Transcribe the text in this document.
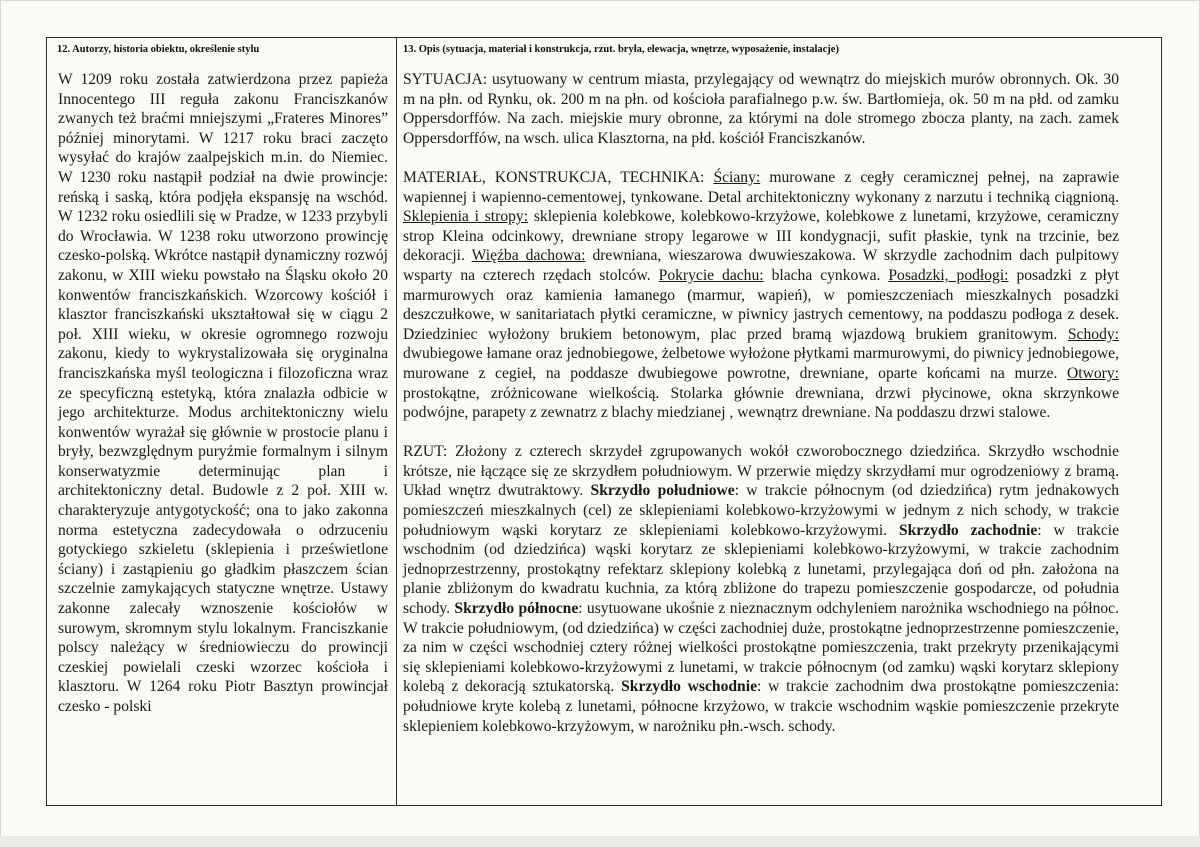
12. Autorzy, historia obiektu, określenie stylu	13. Opis (sytuacja, materiał i konstrukcja, rzut. bryła, elewacja, wnętrze, wyposażenie, instalacje)

W 1209 roku została zatwierdzona przez papieża Innocentego III reguła zakonu Franciszkanów zwanych też braćmi mniejszymi „Frateres Minores” później minorytami. W 1217 roku braci zaczęto wysyłać do krajów zaalpejskich m.in. do Niemiec. W 1230 roku nastąpił podział na dwie prowincje: reńską i saską, która podjęła ekspansję na wschód. W 1232 roku osiedlili się w Pradze, w 1233 przybyli do Wrocławia. W 1238 roku utworzono prowincję czesko-polską. Wkrótce nastąpił dynamiczny rozwój zakonu, w XIII wieku powstało na Śląsku około 20 konwentów franciszkańskich. Wzorcowy kościół i klasztor franciszkański ukształtował się w ciągu 2 poł. XIII wieku, w okresie ogromnego rozwoju zakonu, kiedy to wykrystalizowała się oryginalna franciszkańska myśl teologiczna i filozoficzna wraz ze specyficzną estetyką, która znalazła odbicie w jego architekturze. Modus architektoniczny wielu konwentów wyrażał się głównie w prostocie planu i bryły, bezwzględnym puryźmie formalnym i silnym konserwatyzmie determinując plan i architektoniczny detal. Budowle z 2 poł. XIII w. charakteryzuje antygotyckość; ona to jako zakonna norma estetyczna zadecydowała o odrzuceniu gotyckiego szkieletu (sklepienia i prześwietlone ściany) i zastąpieniu go gładkim płaszczem ścian szczelnie zamykających statyczne wnętrze. Ustawy zakonne zalecały wznoszenie kościołów w surowym, skromnym stylu lokalnym. Franciszkanie polscy należący w średniowieczu do prowincji czeskiej powielali czeski wzorzec kościoła i klasztoru. W 1264 roku Piotr Basztyn prowincjał czesko - polski

SYTUACJA: usytuowany w centrum miasta, przylegający od wewnątrz do miejskich murów obronnych. Ok. 30 m na płn. od Rynku, ok. 200 m na płn. od kościoła parafialnego p.w. św. Bartłomieja, ok. 50 m na płd. od zamku Oppersdorffów. Na zach. miejskie mury obronne, za którymi na dole stromego zbocza planty, na zach. zamek Oppersdorffów, na wsch. ulica Klasztorna, na płd. kościół Franciszkanów.

MATERIAŁ, KONSTRUKCJA, TECHNIKA: Ściany: murowane z cegły ceramicznej pełnej, na zaprawie wapiennej i wapienno-cementowej, tynkowane. Detal architektoniczny wykonany z narzutu i techniką ciągnioną. Sklepienia i stropy: sklepienia kolebkowe, kolebkowo-krzyżowe, kolebkowe z lunetami, krzyżowe, ceramiczny strop Kleina odcinkowy, drewniane stropy legarowe w III kondygnacji, sufit płaskie, tynk na trzcinie, bez dekoracji. Więźba dachowa: drewniana, wieszarowa dwuwieszakowa. W skrzydle zachodnim dach pulpitowy wsparty na czterech rzędach stolców. Pokrycie dachu: blacha cynkowa. Posadzki, podłogi: posadzki z płyt marmurowych oraz kamienia łamanego (marmur, wapień), w pomieszczeniach mieszkalnych posadzki deszczułkowe, w sanitariatach płytki ceramiczne, w piwnicy jastrych cementowy, na poddaszu podłoga z desek. Dziedziniec wyłożony brukiem betonowym, plac przed bramą wjazdową brukiem granitowym. Schody: dwubiegowe łamane oraz jednobiegowe, żelbetowe wyłożone płytkami marmurowymi, do piwnicy jednobiegowe, murowane z cegieł, na poddasze dwubiegowe powrotne, drewniane, oparte końcami na murze. Otwory: prostokątne, zróżnicowane wielkością. Stolarka głównie drewniana, drzwi płycinowe, okna skrzynkowe podwójne, parapety z zewnatrz z blachy miedzianej , wewnątrz drewniane. Na poddaszu drzwi stalowe.

RZUT: Złożony z czterech skrzydeł zgrupowanych wokół czworobocznego dziedzińca. Skrzydło wschodnie krótsze, nie łączące się ze skrzydłem południowym. W przerwie między skrzydłami mur ogrodzeniowy z bramą. Układ wnętrz dwutraktowy. Skrzydło południowe: w trakcie północnym (od dziedzińca) rytm jednakowych pomieszczeń mieszkalnych (cel) ze sklepieniami kolebkowo-krzyżowymi w jednym z nich schody, w trakcie południowym wąski korytarz ze sklepieniami kolebkowo-krzyżowymi. Skrzydło zachodnie: w trakcie wschodnim (od dziedzińca) wąski korytarz ze sklepieniami kolebkowo-krzyżowymi, w trakcie zachodnim jednoprzestrzenny, prostokątny refektarz sklepiony kolebką z lunetami, przylegająca doń od płn. założona na planie zbliżonym do kwadratu kuchnia, za którą zbliżone do trapezu pomieszczenie gospodarcze, od południa schody. Skrzydło północne: usytuowane ukośnie z nieznacznym odchyleniem narożnika wschodniego na północ. W trakcie południowym, (od dziedzińca) w części zachodniej duże, prostokątne jednoprzestrzenne pomieszczenie, za nim w części wschodniej cztery różnej wielkości prostokątne pomieszczenia, trakt przekryty przenikającymi się sklepieniami kolebkowo-krzyżowymi z lunetami, w trakcie północnym (od zamku) wąski korytarz sklepiony kolebą z dekoracją sztukatorską. Skrzydło wschodnie: w trakcie zachodnim dwa prostokątne pomieszczenia: południowe kryte kolebą z lunetami, północne krzyżowo, w trakcie wschodnim wąskie pomieszczenie przekryte sklepieniem kolebkowo-krzyżowym, w narożniku płn.-wsch. schody.
